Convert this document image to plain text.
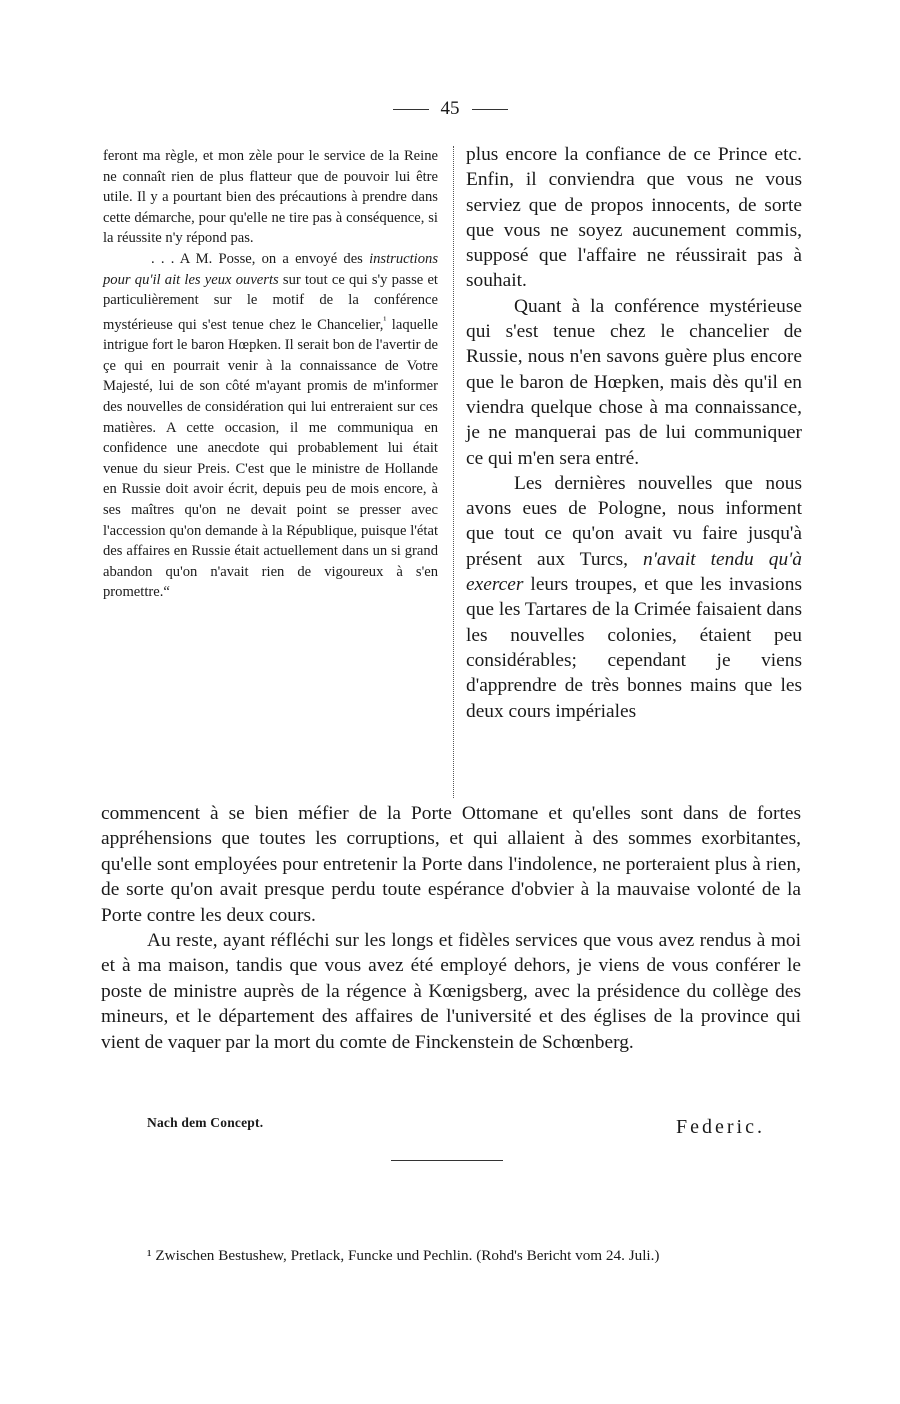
45

feront ma règle, et mon zèle pour le service de la Reine ne connaît rien de plus flatteur que de pouvoir lui être utile. Il y a pourtant bien des précautions à prendre dans cette démarche, pour qu'elle ne tire pas à conséquence, si la réussite n'y répond pas.

. . . A M. Posse, on a envoyé des instructions pour qu'il ait les yeux ouverts sur tout ce qui s'y passe et particulièrement sur le motif de la conférence mystérieuse qui s'est tenue chez le Chancelier,$^{^1}$ laquelle intrigue fort le baron Hœpken. Il serait bon de l'avertir de çe qui en pourrait venir à la connaissance de Votre Majesté, lui de son côté m'ayant promis de m'informer des nouvelles de considération qui lui entreraient sur ces matières. A cette occasion, il me communiqua en confidence une anecdote qui probablement lui était venue du sieur Preis. C'est que le ministre de Hollande en Russie doit avoir écrit, depuis peu de mois encore, à ses maîtres qu'on ne devait point se presser avec l'accession qu'on demande à la République, puisque l'état des affaires en Russie était actuellement dans un si grand abandon qu'on n'avait rien de vigoureux à s'en promettre.“

plus encore la confiance de ce Prince etc. Enfin, il conviendra que vous ne vous serviez que de propos innocents, de sorte que vous ne soyez aucunement commis, supposé que l'affaire ne réussirait pas à souhait.

Quant à la conférence mystérieuse qui s'est tenue chez le chancelier de Russie, nous n'en savons guère plus encore que le baron de Hœpken, mais dès qu'il en viendra quelque chose à ma connaissance, je ne manquerai pas de lui communiquer ce qui m'en sera entré.

Les dernières nouvelles que nous avons eues de Pologne, nous informent que tout ce qu'on avait vu faire jusqu'à présent aux Turcs, n'avait tendu qu'à exercer leurs troupes, et que les invasions que les Tartares de la Crimée faisaient dans les nouvelles colonies, étaient peu considérables; cependant je viens d'apprendre de très bonnes mains que les deux cours impériales

commencent à se bien méfier de la Porte Ottomane et qu'elles sont dans de fortes appréhensions que toutes les corruptions, et qui allaient à des sommes exorbitantes, qu'elle sont employées pour entretenir la Porte dans l'indolence, ne porteraient plus à rien, de sorte qu'on avait presque perdu toute espérance d'obvier à la mauvaise volonté de la Porte contre les deux cours.

Au reste, ayant réfléchi sur les longs et fidèles services que vous avez rendus à moi et à ma maison, tandis que vous avez été employé dehors, je viens de vous conférer le poste de ministre auprès de la régence à Kœnigsberg, avec la présidence du collège des mineurs, et le département des affaires de l'université et des églises de la province qui vient de vaquer par la mort du comte de Finckenstein de Schœnberg.

Nach dem Concept.	Federic.

¹ Zwischen Bestushew, Pretlack, Funcke und Pechlin. (Rohd's Bericht vom 24. Juli.)
